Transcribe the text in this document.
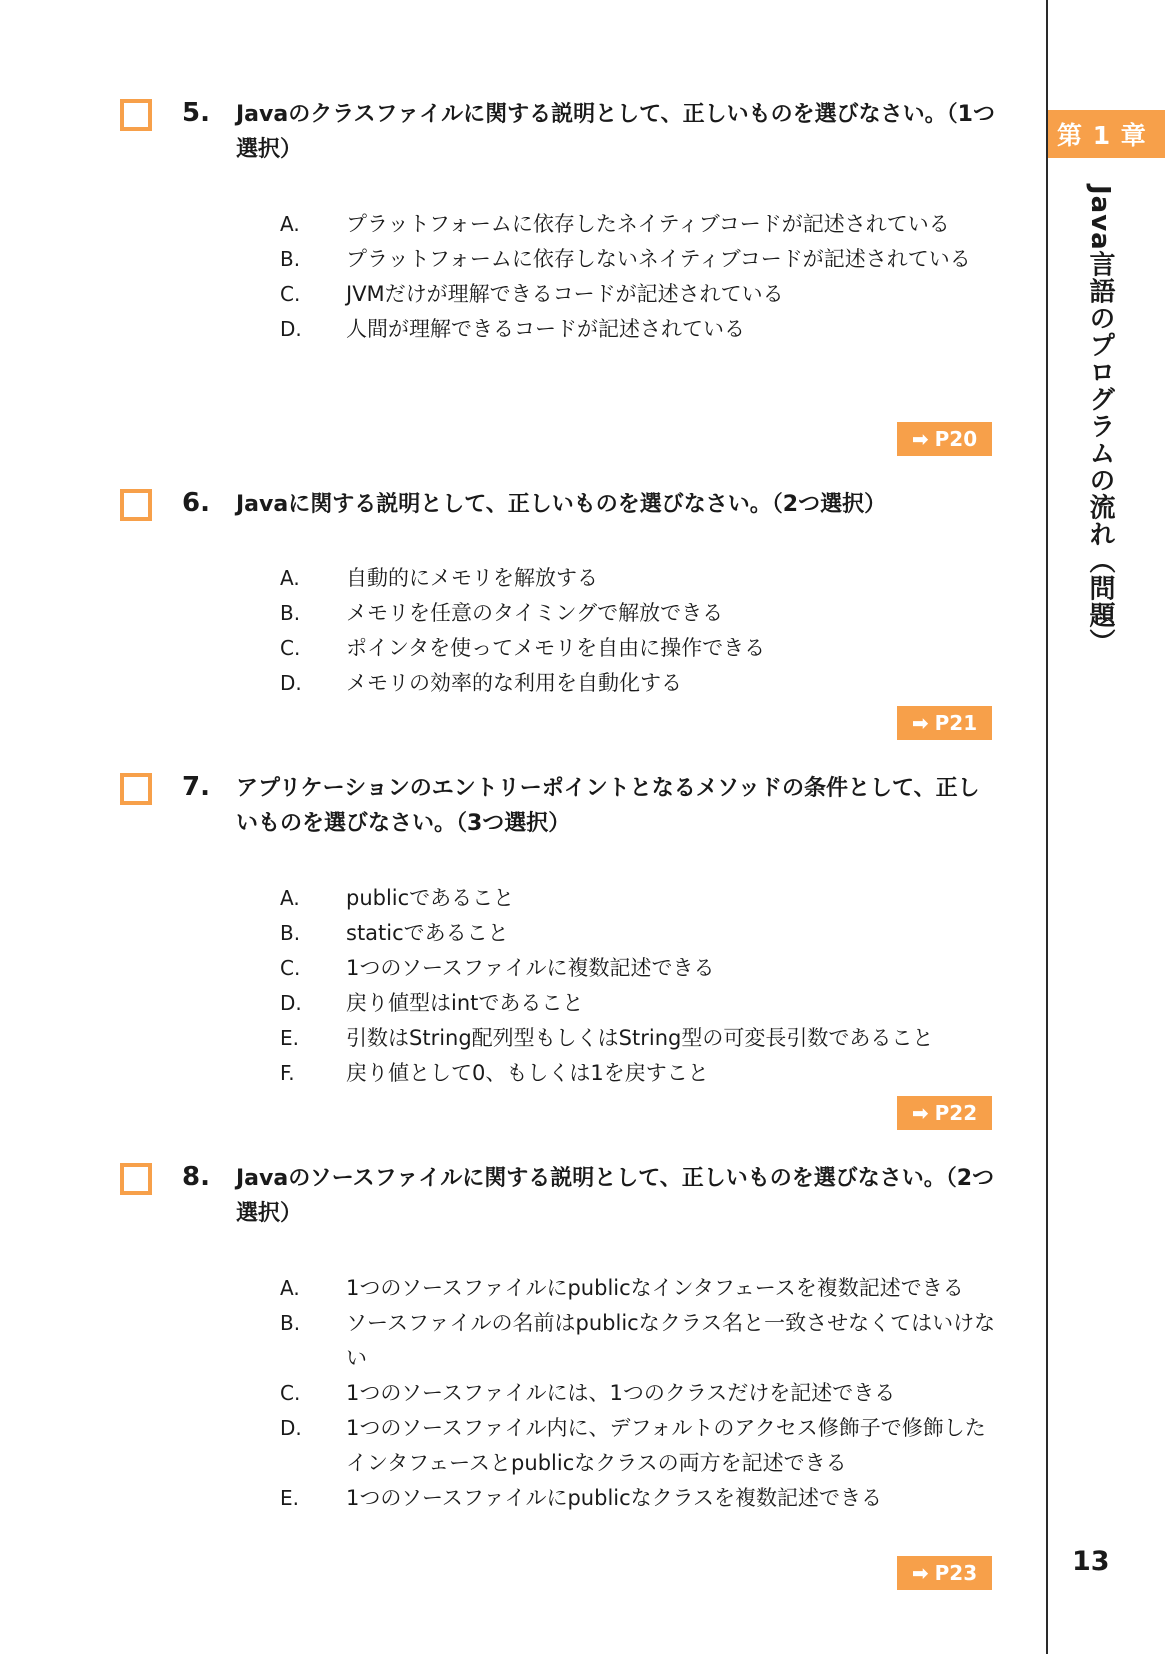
第 1 章
Java言語のプログラムの流れ（問題）
13
5. Javaのクラスファイルに関する説明として、正しいものを選びなさい。（1つ選択）
A. プラットフォームに依存したネイティブコードが記述されている
B. プラットフォームに依存しないネイティブコードが記述されている
C. JVMだけが理解できるコードが記述されている
D. 人間が理解できるコードが記述されている
➡ P20
6. Javaに関する説明として、正しいものを選びなさい。（2つ選択）
A. 自動的にメモリを解放する
B. メモリを任意のタイミングで解放できる
C. ポインタを使ってメモリを自由に操作できる
D. メモリの効率的な利用を自動化する
➡ P21
7. アプリケーションのエントリーポイントとなるメソッドの条件として、正しいものを選びなさい。（3つ選択）
A. publicであること
B. staticであること
C. 1つのソースファイルに複数記述できる
D. 戻り値型はintであること
E. 引数はString配列型もしくはString型の可変長引数であること
F. 戻り値として0、もしくは1を戻すこと
➡ P22
8. Javaのソースファイルに関する説明として、正しいものを選びなさい。（2つ選択）
A. 1つのソースファイルにpublicなインタフェースを複数記述できる
B. ソースファイルの名前はpublicなクラス名と一致させなくてはいけない
C. 1つのソースファイルには、1つのクラスだけを記述できる
D. 1つのソースファイル内に、デフォルトのアクセス修飾子で修飾したインタフェースとpublicなクラスの両方を記述できる
E. 1つのソースファイルにpublicなクラスを複数記述できる
➡ P23
